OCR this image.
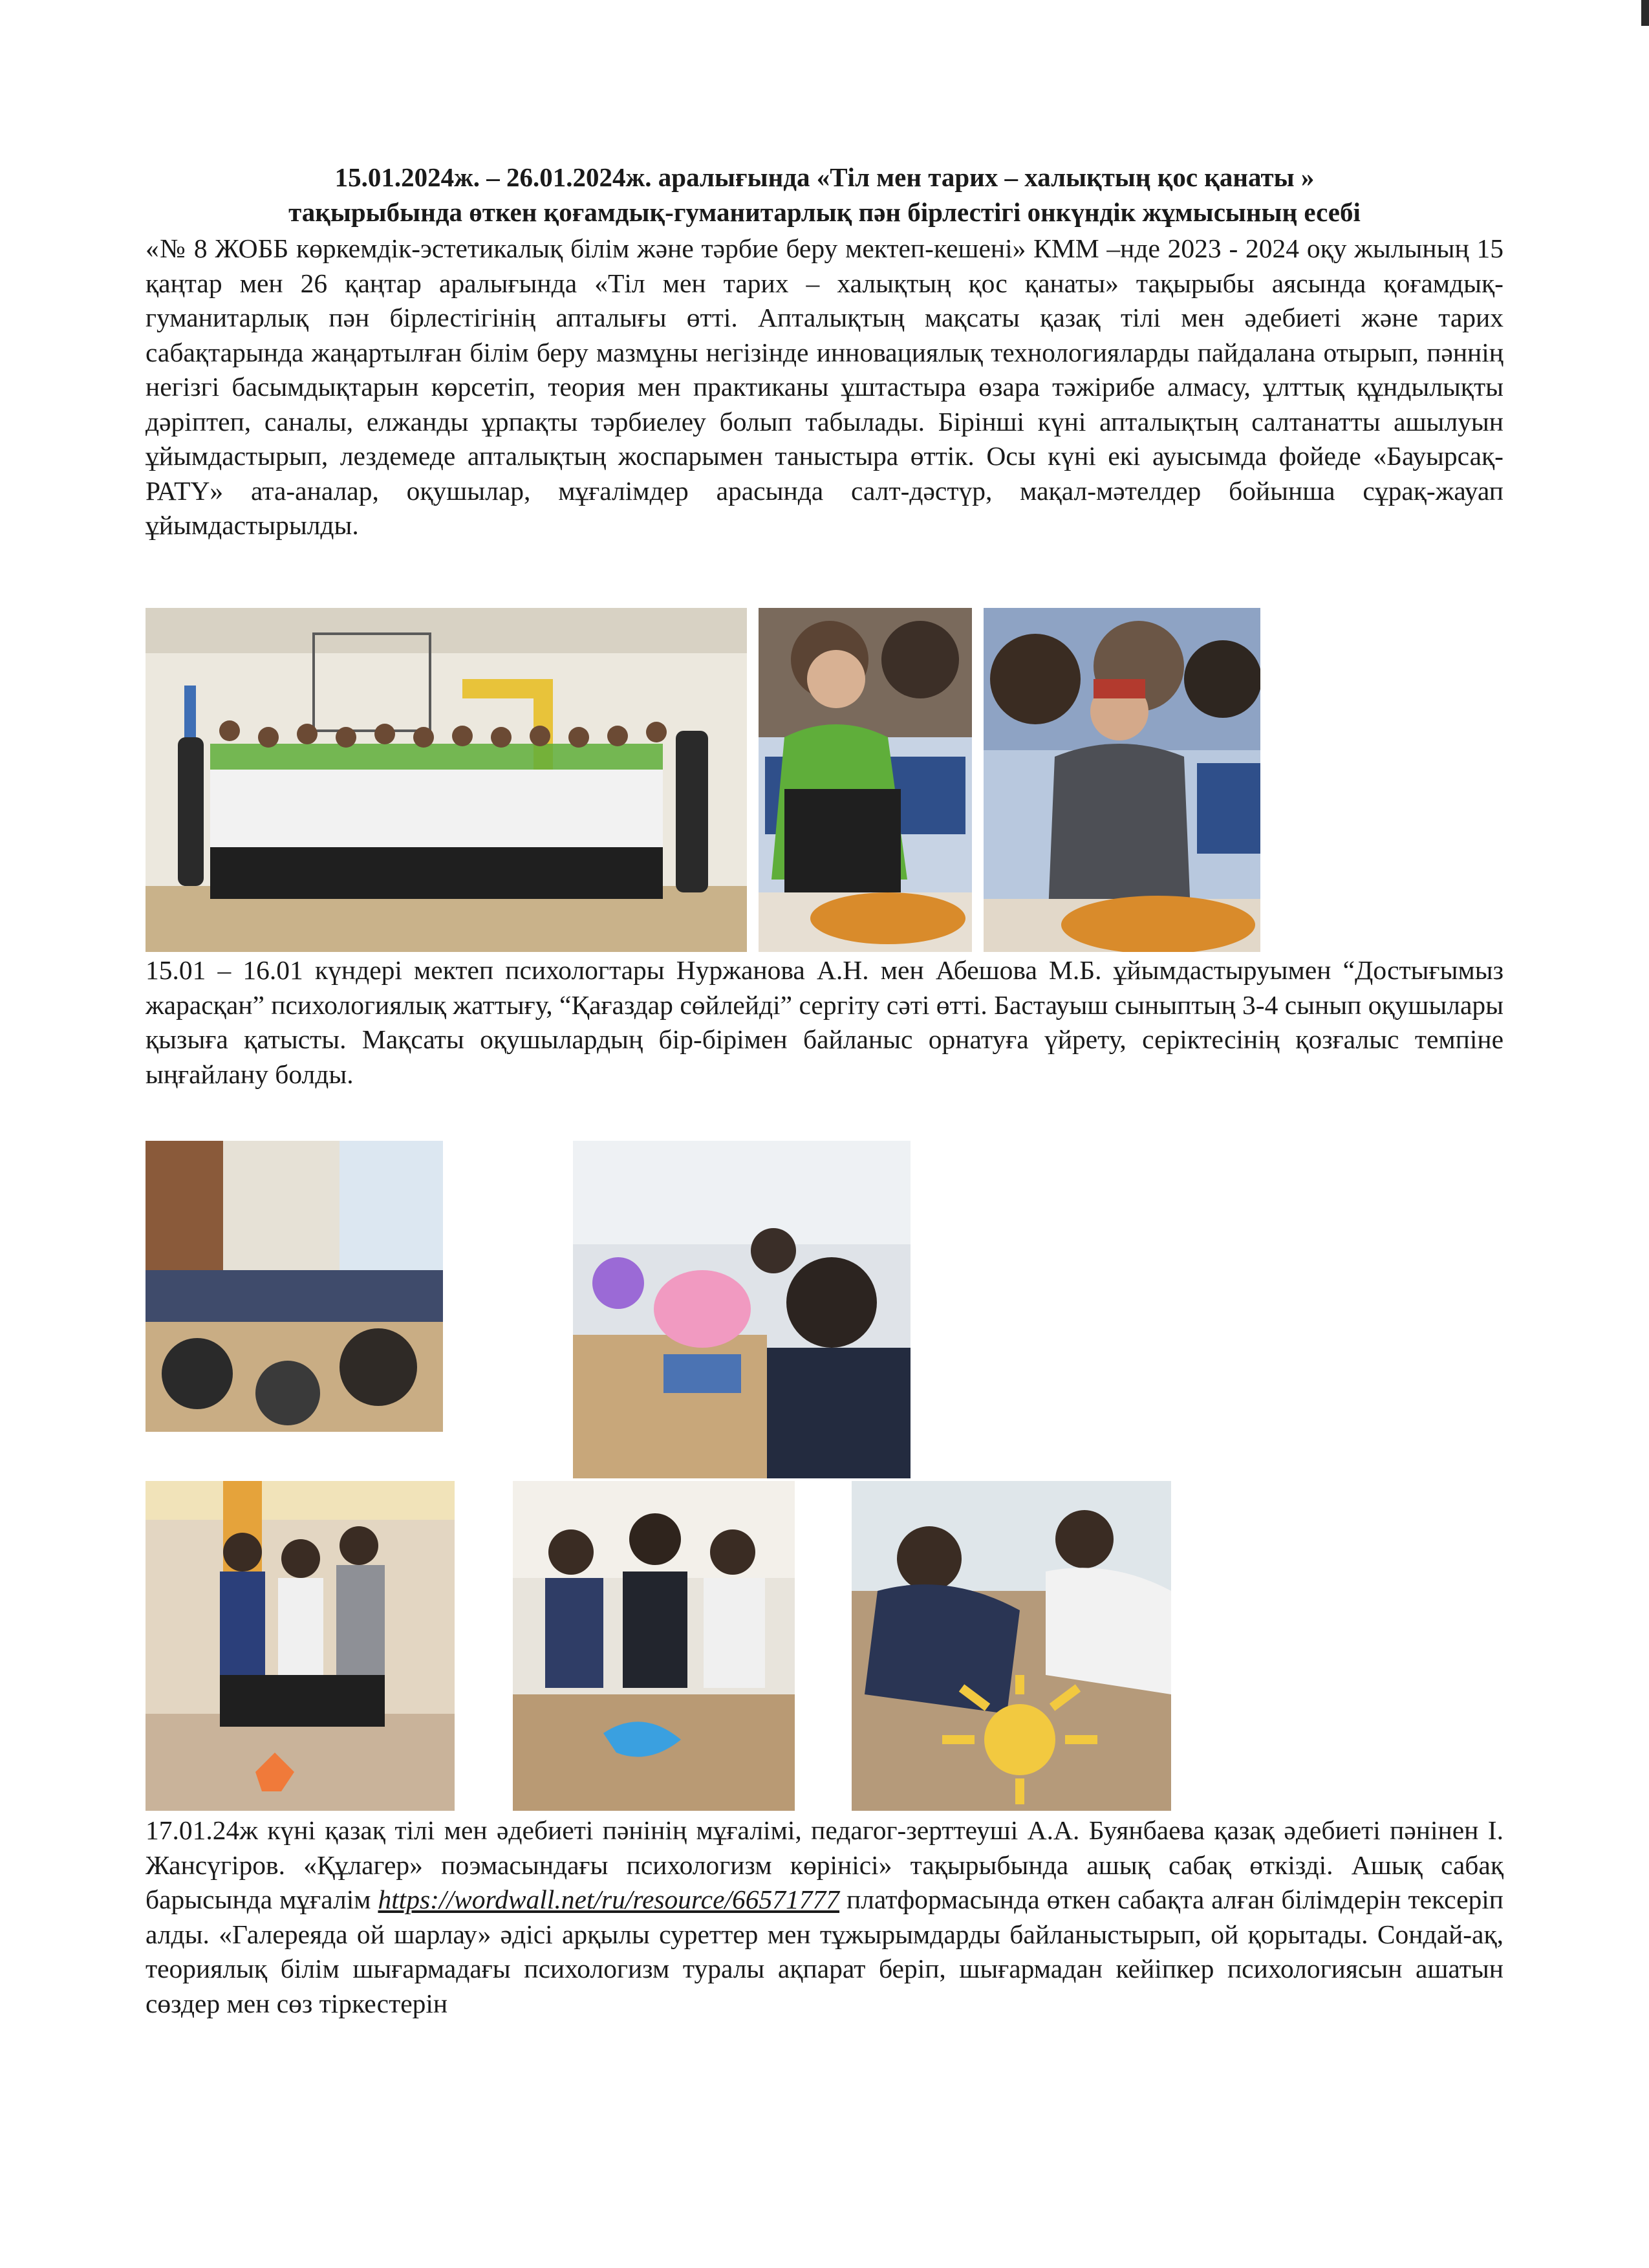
15.01.2024ж. – 26.01.2024ж. аралығында «Тіл мен тарих – халықтың қос қанаты »
тақырыбында өткен қоғамдық-гуманитарлық пән бірлестігі онкүндік жұмысының есебі

«№ 8 ЖОББ көркемдік-эстетикалық білім және тәрбие беру мектеп-кешені» КММ –нде 2023 - 2024 оқу жылының 15 қаңтар мен 26 қаңтар аралығында «Тіл мен тарих – халықтың қос қанаты» тақырыбы аясында қоғамдық-гуманитарлық пән бірлестігінің апталығы өтті. Апталықтың мақсаты қазақ тілі мен әдебиеті және тарих сабақтарында жаңартылған білім беру мазмұны негізінде инновациялық технологияларды пайдалана отырып, пәннің негізгі басымдықтарын көрсетіп, теория мен практиканы ұштастыра өзара тәжірибе алмасу, ұлттық құндылықты дәріптеп, саналы, елжанды ұрпақты тәрбиелеу болып табылады. Бірінші күні апталықтың салтанатты ашылуын ұйымдастырып, лездемеде апталықтың жоспарымен таныстыра өттік. Осы күні екі ауысымда фойеде «Бауырсақ-РАТY» ата-аналар, оқушылар, мұғалімдер арасында салт-дәстүр, мақал-мәтелдер бойынша сұрақ-жауап ұйымдастырылды.

15.01 – 16.01 күндері мектеп психологтары Нуржанова А.Н. мен Абешова М.Б. ұйымдастыруымен “Достығымыз жарасқан” психологиялық жаттығу, “Қағаздар сөйлейді” сергіту сәті өтті. Бастауыш сыныптың 3-4 сынып оқушылары қызыға қатысты. Мақсаты оқушылардың бір-бірімен байланыс орнатуға үйрету, серіктесінің қозғалыс темпіне ыңғайлану болды.

17.01.24ж күні қазақ тілі мен әдебиеті пәнінің мұғалімі, педагог-зерттеуші А.А. Буянбаева қазақ әдебиеті пәнінен І. Жансүгіров. «Құлагер» поэмасындағы психологизм көрінісі» тақырыбында ашық сабақ өткізді. Ашық сабақ барысында мұғалім https://wordwall.net/ru/resource/66571777 платформасында өткен сабақта алған білімдерін тексеріп алды. «Галереяда ой шарлау» әдісі арқылы суреттер мен тұжырымдарды байланыстырып, ой қорытады. Сондай-ақ, теориялық білім шығармадағы психологизм туралы ақпарат беріп, шығармадан кейіпкер психологиясын ашатын сөздер мен сөз тіркестерін
